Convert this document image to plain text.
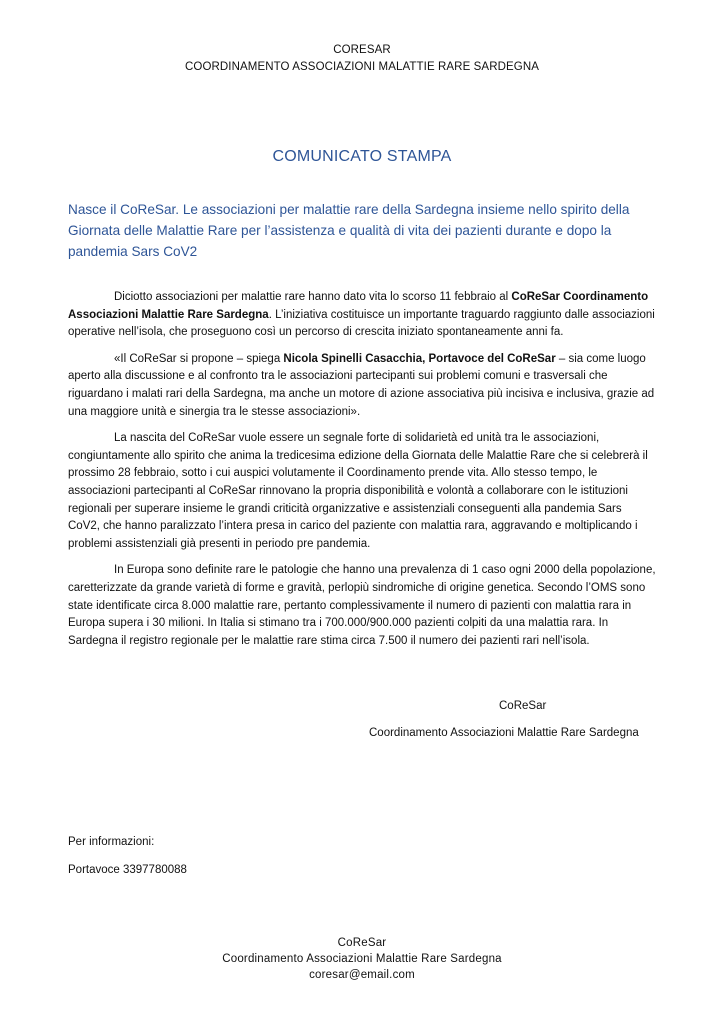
CORESAR
COORDINAMENTO ASSOCIAZIONI MALATTIE RARE SARDEGNA
COMUNICATO STAMPA
Nasce il CoReSar. Le associazioni per malattie rare della Sardegna insieme nello spirito della Giornata delle Malattie Rare per l’assistenza e qualità di vita dei pazienti durante e dopo la pandemia Sars CoV2

Diciotto associazioni per malattie rare hanno dato vita lo scorso 11 febbraio al CoReSar Coordinamento Associazioni Malattie Rare Sardegna. L’iniziativa costituisce un importante traguardo raggiunto dalle associazioni operative nell’isola, che proseguono così un percorso di crescita iniziato spontaneamente anni fa.

«Il CoReSar si propone – spiega Nicola Spinelli Casacchia, Portavoce del CoReSar – sia come luogo aperto alla discussione e al confronto tra le associazioni partecipanti sui problemi comuni e trasversali che riguardano i malati rari della Sardegna, ma anche un motore di azione associativa più incisiva e inclusiva, grazie ad una maggiore unità e sinergia tra le stesse associazioni».

La nascita del CoReSar vuole essere un segnale forte di solidarietà ed unità tra le associazioni, congiuntamente allo spirito che anima la tredicesima edizione della Giornata delle Malattie Rare che si celebrerà il prossimo 28 febbraio, sotto i cui auspici volutamente il Coordinamento prende vita. Allo stesso tempo, le associazioni partecipanti al CoReSar rinnovano la propria disponibilità e volontà a collaborare con le istituzioni regionali per superare insieme le grandi criticità organizzative e assistenziali conseguenti alla pandemia Sars CoV2, che hanno paralizzato l’intera presa in carico del paziente con malattia rara, aggravando e moltiplicando i problemi assistenziali già presenti in periodo pre pandemia.

In Europa sono definite rare le patologie che hanno una prevalenza di 1 caso ogni 2000 della popolazione, caretterizzate da grande varietà di forme e gravità, perlopiù sindromiche di origine genetica. Secondo l’OMS sono state identificate circa 8.000 malattie rare, pertanto complessivamente il numero di pazienti con malattia rara in Europa supera i 30 milioni. In Italia si stimano tra i 700.000/900.000 pazienti colpiti da una malattia rara. In Sardegna il registro regionale per le malattie rare stima circa 7.500 il numero dei pazienti rari nell’isola.

CoReSar
Coordinamento Associazioni Malattie Rare Sardegna
Per informazioni:
Portavoce 3397780088
CoReSar
Coordinamento Associazioni Malattie Rare Sardegna
coresar@email.com
